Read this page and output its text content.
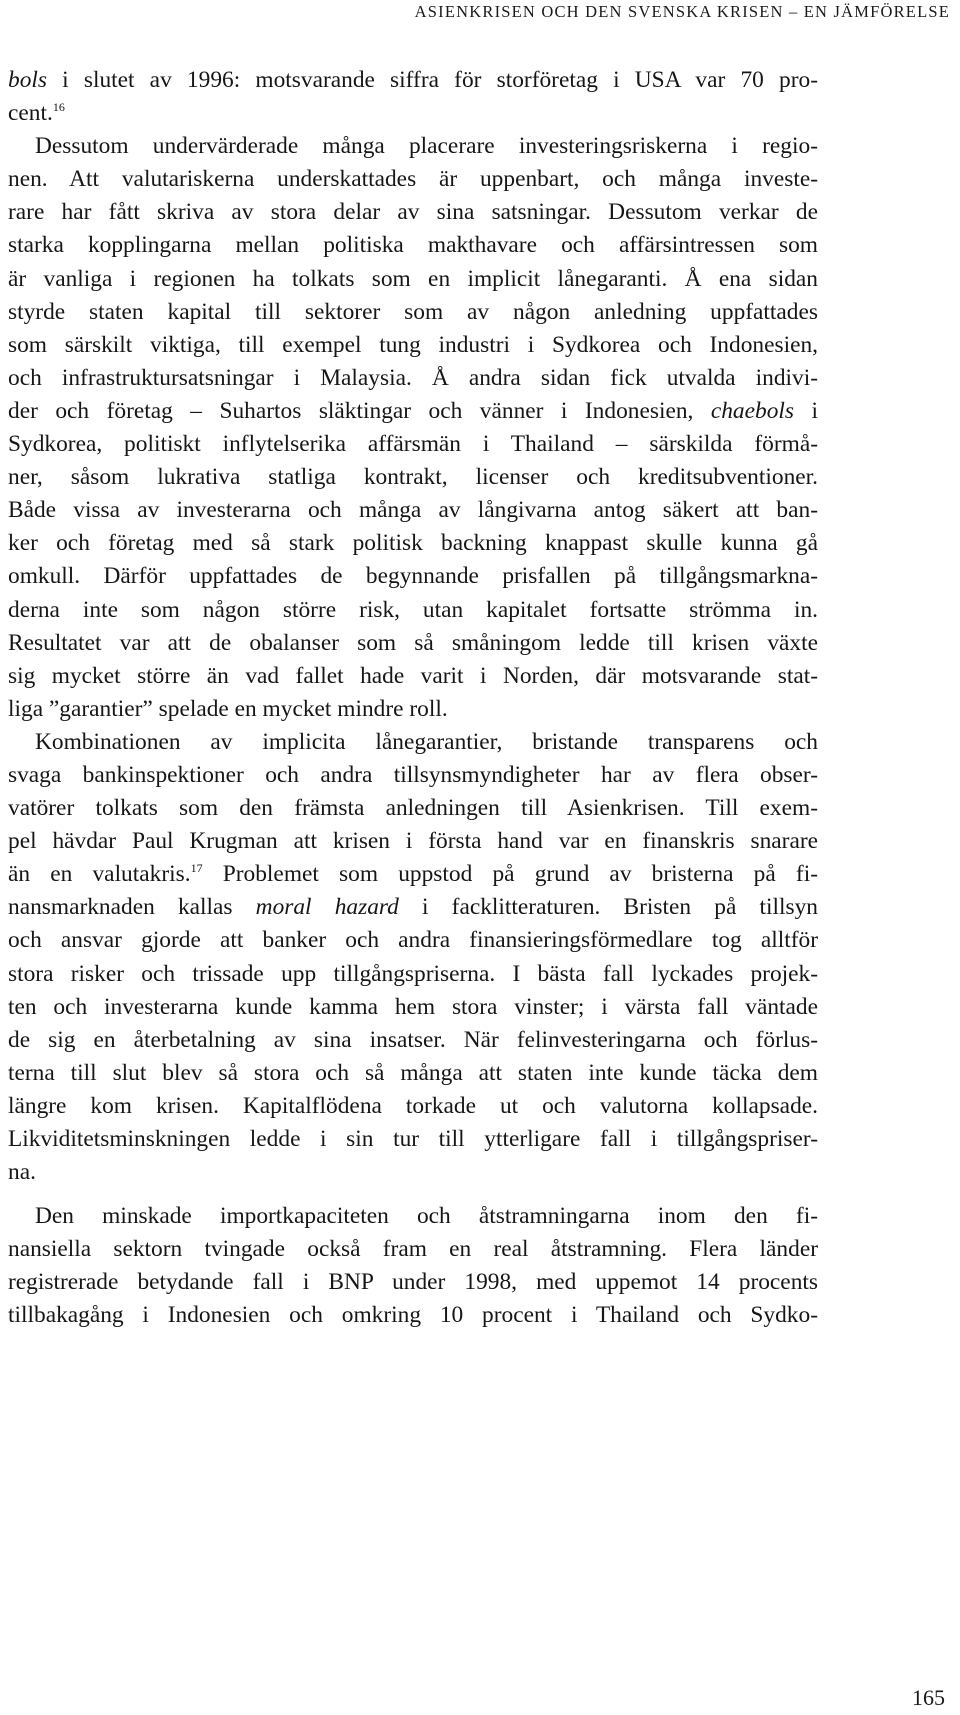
ASIENKRISEN OCH DEN SVENSKA KRISEN – EN JÄMFÖRELSE
bols i slutet av 1996: motsvarande siffra för storföretag i USA var 70 pro-
cent.$^{16}$
Dessutom undervärderade många placerare investeringsriskerna i regio-
nen. Att valutariskerna underskattades är uppenbart, och många investe-
rare har fått skriva av stora delar av sina satsningar. Dessutom verkar de
starka kopplingarna mellan politiska makthavare och affärsintressen som
är vanliga i regionen ha tolkats som en implicit lånegaranti. Å ena sidan
styrde staten kapital till sektorer som av någon anledning uppfattades
som särskilt viktiga, till exempel tung industri i Sydkorea och Indonesien,
och infrastruktursatsningar i Malaysia. Å andra sidan fick utvalda indivi-
der och företag – Suhartos släktingar och vänner i Indonesien, chaebols i
Sydkorea, politiskt inflytelserika affärsmän i Thailand – särskilda förmå-
ner, såsom lukrativa statliga kontrakt, licenser och kreditsubventioner.
Både vissa av investerarna och många av långivarna antog säkert att ban-
ker och företag med så stark politisk backning knappast skulle kunna gå
omkull. Därför uppfattades de begynnande prisfallen på tillgångsmarkna-
derna inte som någon större risk, utan kapitalet fortsatte strömma in.
Resultatet var att de obalanser som så småningom ledde till krisen växte
sig mycket större än vad fallet hade varit i Norden, där motsvarande stat-
liga ”garantier” spelade en mycket mindre roll.
Kombinationen av implicita lånegarantier, bristande transparens och
svaga bankinspektioner och andra tillsynsmyndigheter har av flera obser-
vatörer tolkats som den främsta anledningen till Asienkrisen. Till exem-
pel hävdar Paul Krugman att krisen i första hand var en finanskris snarare
än en valutakris.$^{17}$ Problemet som uppstod på grund av bristerna på fi-
nansmarknaden kallas moral hazard i facklitteraturen. Bristen på tillsyn
och ansvar gjorde att banker och andra finansieringsförmedlare tog alltför
stora risker och trissade upp tillgångspriserna. I bästa fall lyckades projek-
ten och investerarna kunde kamma hem stora vinster; i värsta fall väntade
de sig en återbetalning av sina insatser. När felinvesteringarna och förlus-
terna till slut blev så stora och så många att staten inte kunde täcka dem
längre kom krisen. Kapitalflödena torkade ut och valutorna kollapsade.
Likviditetsminskningen ledde i sin tur till ytterligare fall i tillgångspriser-
na.
Den minskade importkapaciteten och åtstramningarna inom den fi-
nansiella sektorn tvingade också fram en real åtstramning. Flera länder
registrerade betydande fall i BNP under 1998, med uppemot 14 procents
tillbakagång i Indonesien och omkring 10 procent i Thailand och Sydko-
165
